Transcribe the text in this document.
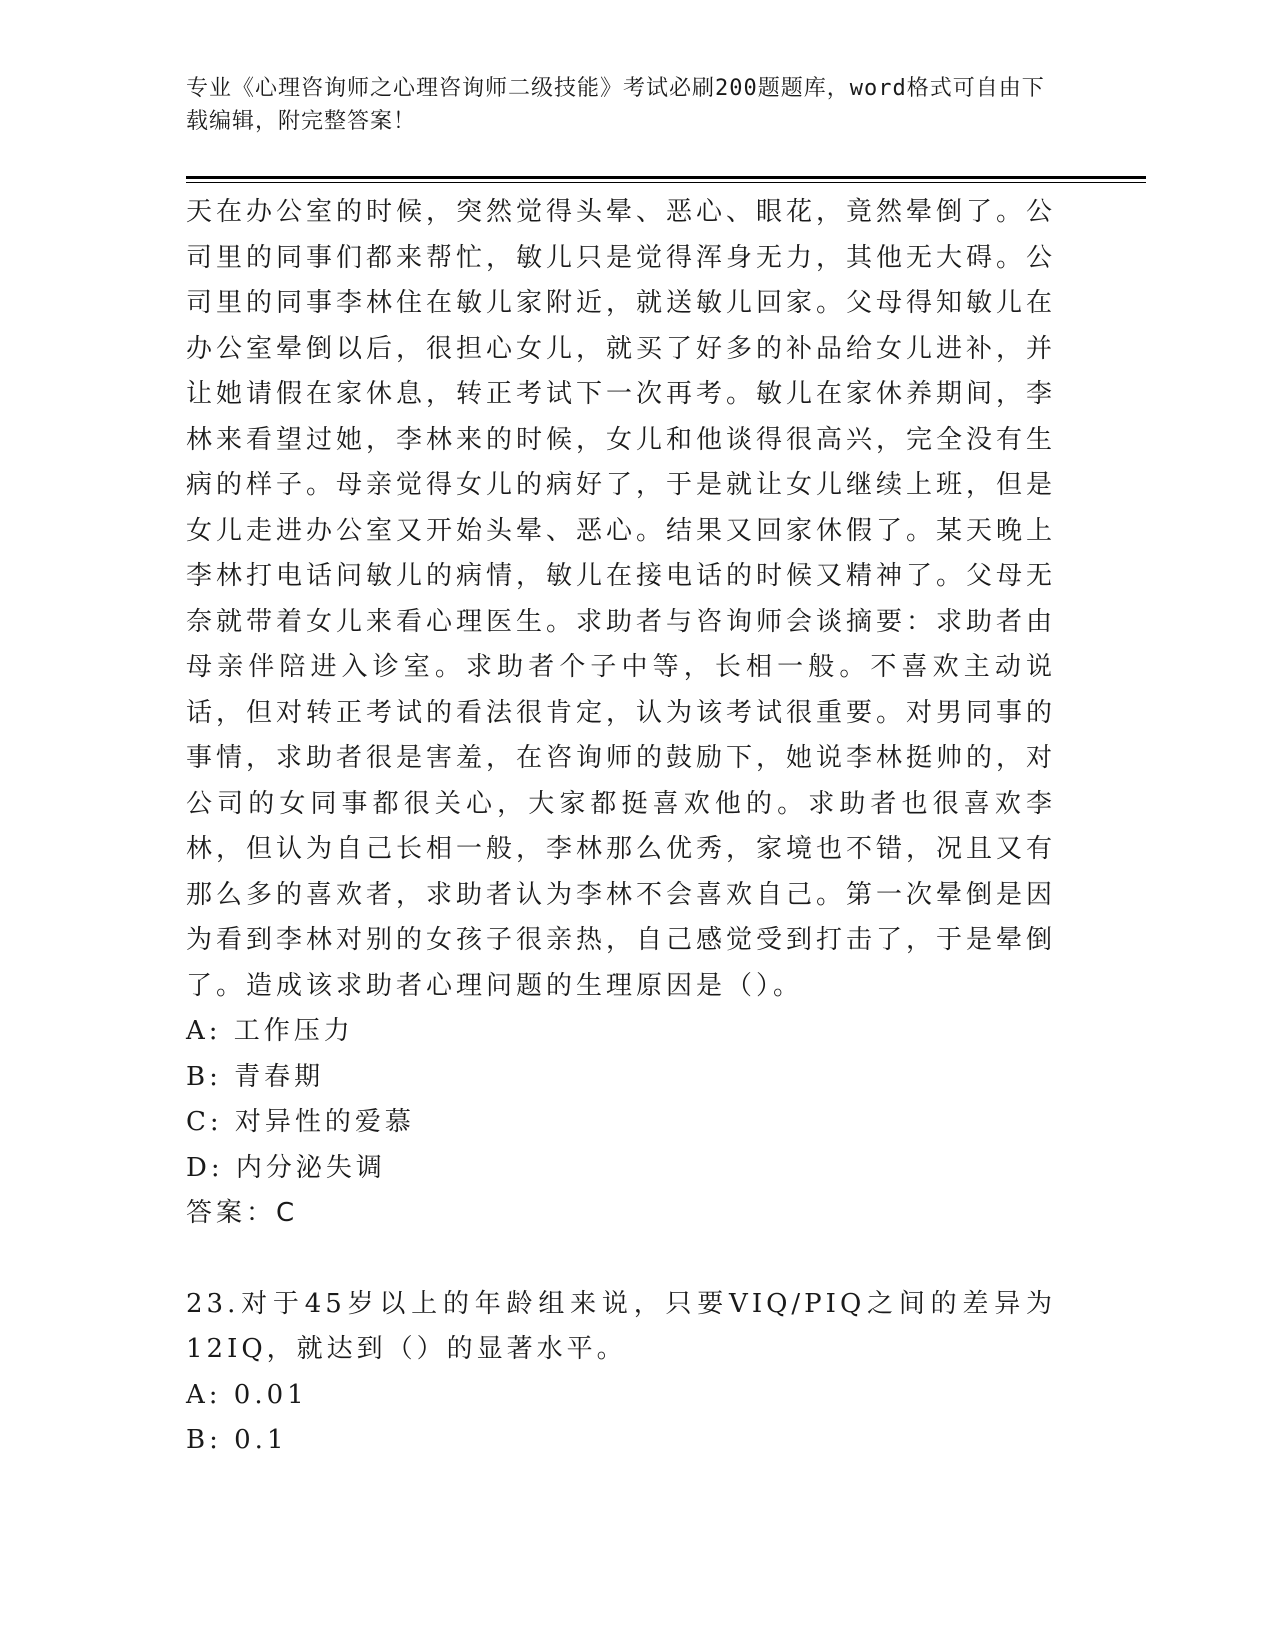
专业《心理咨询师之心理咨询师二级技能》考试必刷200题题库，word格式可自由下载编辑，附完整答案！

天在办公室的时候，突然觉得头晕、恶心、眼花，竟然晕倒了。公司里的同事们都来帮忙，敏儿只是觉得浑身无力，其他无大碍。公司里的同事李林住在敏儿家附近，就送敏儿回家。父母得知敏儿在办公室晕倒以后，很担心女儿，就买了好多的补品给女儿进补，并让她请假在家休息，转正考试下一次再考。敏儿在家休养期间，李林来看望过她，李林来的时候，女儿和他谈得很高兴，完全没有生病的样子。母亲觉得女儿的病好了，于是就让女儿继续上班，但是女儿走进办公室又开始头晕、恶心。结果又回家休假了。某天晚上李林打电话问敏儿的病情，敏儿在接电话的时候又精神了。父母无奈就带着女儿来看心理医生。求助者与咨询师会谈摘要：求助者由母亲伴陪进入诊室。求助者个子中等，长相一般。不喜欢主动说话，但对转正考试的看法很肯定，认为该考试很重要。对男同事的事情，求助者很是害羞，在咨询师的鼓励下，她说李林挺帅的，对公司的女同事都很关心，大家都挺喜欢他的。求助者也很喜欢李林，但认为自己长相一般，李林那么优秀，家境也不错，况且又有那么多的喜欢者，求助者认为李林不会喜欢自己。第一次晕倒是因为看到李林对别的女孩子很亲热，自己感觉受到打击了，于是晕倒了。造成该求助者心理问题的生理原因是（）。

A: 工作压力

B: 青春期

C: 对异性的爱慕

D: 内分泌失调

答案：C

23.对于45岁以上的年龄组来说，只要VIQ/PIQ之间的差异为12IQ，就达到（）的显著水平。

A: 0.01

B: 0.1
